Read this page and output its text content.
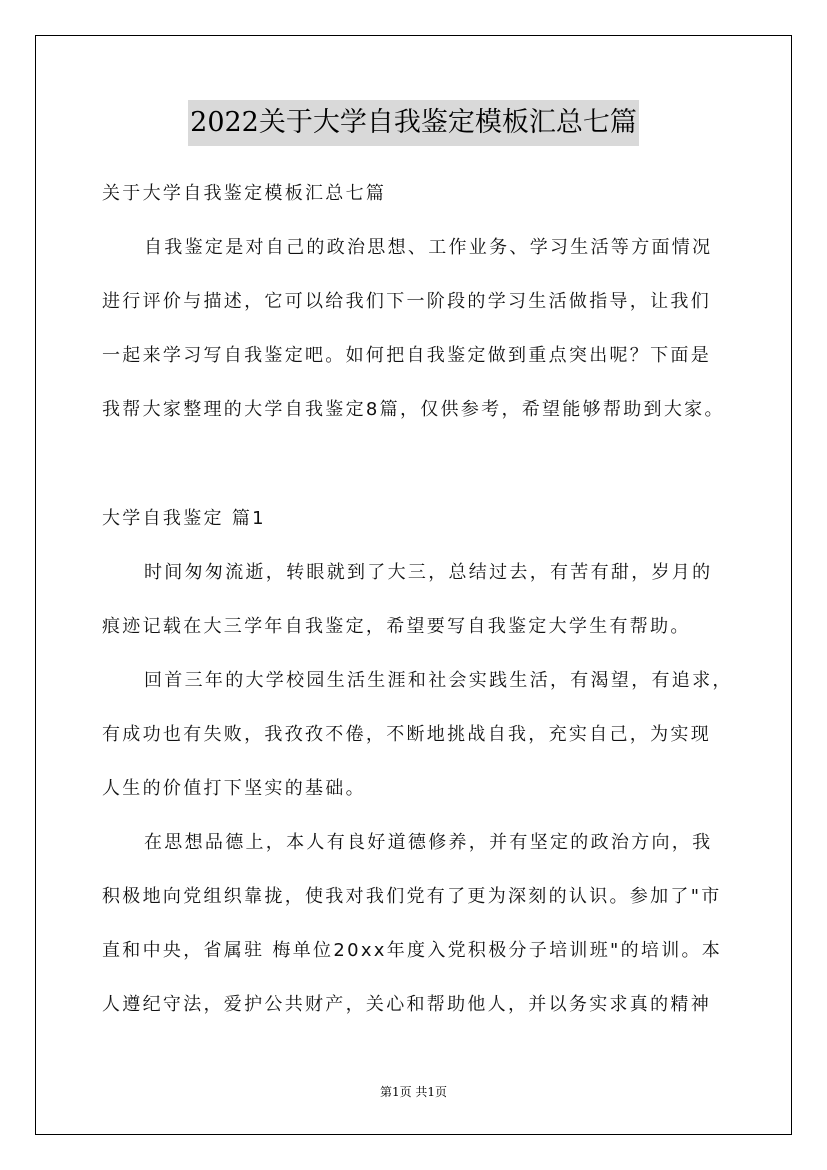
2022关于大学自我鉴定模板汇总七篇
关于大学自我鉴定模板汇总七篇
自我鉴定是对自己的政治思想、工作业务、学习生活等方面情况
进行评价与描述，它可以给我们下一阶段的学习生活做指导，让我们
一起来学习写自我鉴定吧。如何把自我鉴定做到重点突出呢？下面是
我帮大家整理的大学自我鉴定8篇，仅供参考，希望能够帮助到大家。
大学自我鉴定 篇1
时间匆匆流逝，转眼就到了大三，总结过去，有苦有甜，岁月的
痕迹记载在大三学年自我鉴定，希望要写自我鉴定大学生有帮助。
回首三年的大学校园生活生涯和社会实践生活，有渴望，有追求，
有成功也有失败，我孜孜不倦，不断地挑战自我，充实自己，为实现
人生的价值打下坚实的基础。
在思想品德上，本人有良好道德修养，并有坚定的政治方向，我
积极地向党组织靠拢，使我对我们党有了更为深刻的认识。参加了"市
直和中央，省属驻 梅单位20xx年度入党积极分子培训班"的培训。本
人遵纪守法，爱护公共财产，关心和帮助他人，并以务实求真的精神
第1页 共1页
